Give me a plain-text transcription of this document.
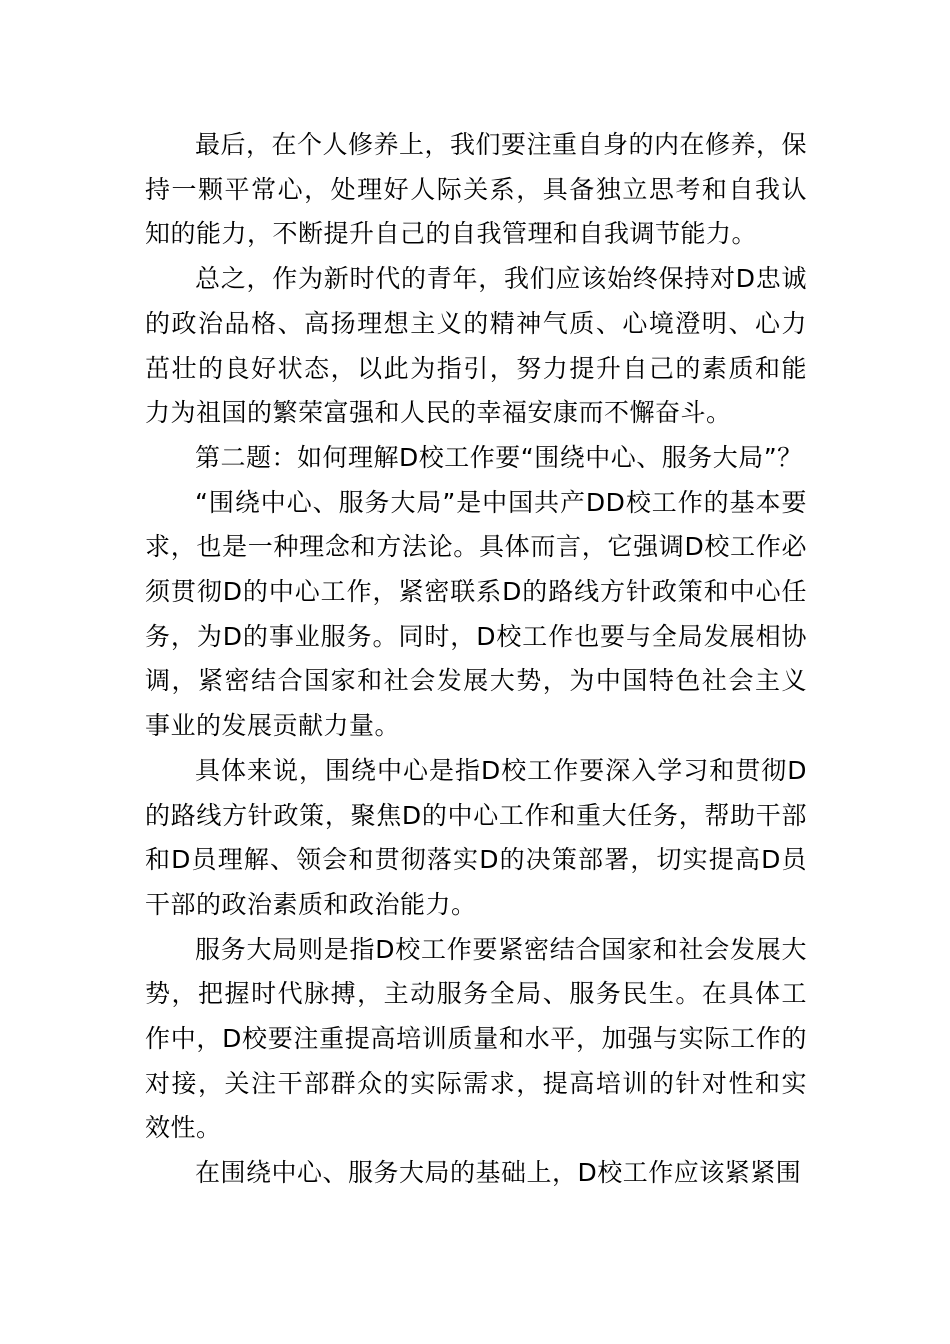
最后，在个人修养上，我们要注重自身的内在修养，保持一颗平常心，处理好人际关系，具备独立思考和自我认知的能力，不断提升自己的自我管理和自我调节能力。

总之，作为新时代的青年，我们应该始终保持对D忠诚的政治品格、高扬理想主义的精神气质、心境澄明、心力茁壮的良好状态，以此为指引，努力提升自己的素质和能力为祖国的繁荣富强和人民的幸福安康而不懈奋斗。

第二题：如何理解D校工作要“围绕中心、服务大局”？

“围绕中心、服务大局”是中国共产DD校工作的基本要求，也是一种理念和方法论。具体而言，它强调D校工作必须贯彻D的中心工作，紧密联系D的路线方针政策和中心任务，为D的事业服务。同时，D校工作也要与全局发展相协调，紧密结合国家和社会发展大势，为中国特色社会主义事业的发展贡献力量。

具体来说，围绕中心是指D校工作要深入学习和贯彻D的路线方针政策，聚焦D的中心工作和重大任务，帮助干部和D员理解、领会和贯彻落实D的决策部署，切实提高D员干部的政治素质和政治能力。

服务大局则是指D校工作要紧密结合国家和社会发展大势，把握时代脉搏，主动服务全局、服务民生。在具体工作中，D校要注重提高培训质量和水平，加强与实际工作的对接，关注干部群众的实际需求，提高培训的针对性和实效性。

在围绕中心、服务大局的基础上，D校工作应该紧紧围
